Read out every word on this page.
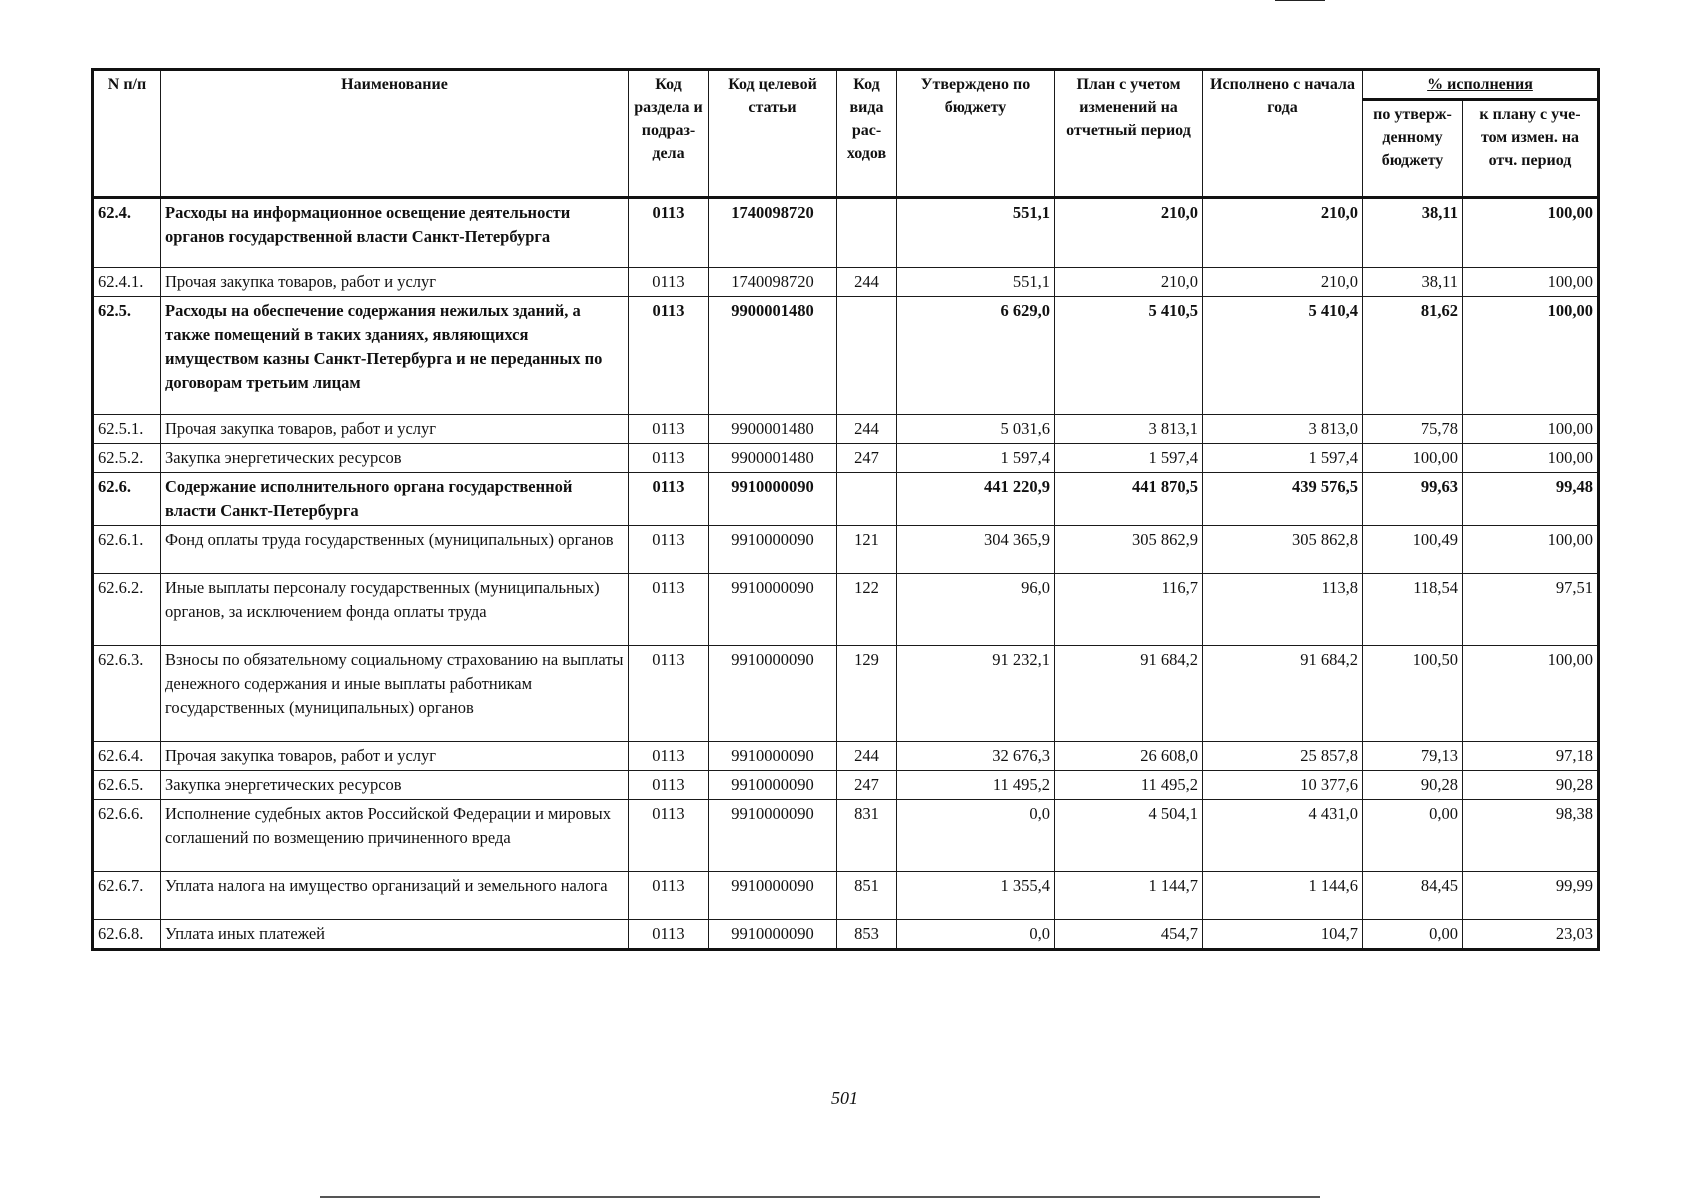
N п/п	Наименование	Код раздела и подраз-дела	Код целевой статьи	Код вида рас-ходов	Утверждено по бюджету	План с учетом изменений на отчетный период	Исполнено с начала года	% исполнения	
								по утверж-денному бюджету	к плану с уче-том измен. на отч. период
62.4.	Расходы на информационное освещение деятельности органов государственной власти Санкт-Петербурга	0113	1740098720		551,1	210,0	210,0	38,11	100,00
62.4.1.	Прочая закупка товаров, работ и услуг	0113	1740098720	244	551,1	210,0	210,0	38,11	100,00
62.5.	Расходы на обеспечение содержания нежилых зданий, а также помещений в таких зданиях, являющихся имуществом казны Санкт-Петербурга и не переданных по договорам третьим лицам	0113	9900001480		6 629,0	5 410,5	5 410,4	81,62	100,00
62.5.1.	Прочая закупка товаров, работ и услуг	0113	9900001480	244	5 031,6	3 813,1	3 813,0	75,78	100,00
62.5.2.	Закупка энергетических ресурсов	0113	9900001480	247	1 597,4	1 597,4	1 597,4	100,00	100,00
62.6.	Содержание исполнительного органа государственной власти Санкт-Петербурга	0113	9910000090		441 220,9	441 870,5	439 576,5	99,63	99,48
62.6.1.	Фонд оплаты труда государственных (муниципальных) органов	0113	9910000090	121	304 365,9	305 862,9	305 862,8	100,49	100,00
62.6.2.	Иные выплаты персоналу государственных (муниципальных) органов, за исключением фонда оплаты труда	0113	9910000090	122	96,0	116,7	113,8	118,54	97,51
62.6.3.	Взносы по обязательному социальному страхованию на выплаты денежного содержания и иные выплаты работникам государственных (муниципальных) органов	0113	9910000090	129	91 232,1	91 684,2	91 684,2	100,50	100,00
62.6.4.	Прочая закупка товаров, работ и услуг	0113	9910000090	244	32 676,3	26 608,0	25 857,8	79,13	97,18
62.6.5.	Закупка энергетических ресурсов	0113	9910000090	247	11 495,2	11 495,2	10 377,6	90,28	90,28
62.6.6.	Исполнение судебных актов Российской Федерации и мировых соглашений по возмещению причиненного вреда	0113	9910000090	831	0,0	4 504,1	4 431,0	0,00	98,38
62.6.7.	Уплата налога на имущество организаций и земельного налога	0113	9910000090	851	1 355,4	1 144,7	1 144,6	84,45	99,99
62.6.8.	Уплата иных платежей	0113	9910000090	853	0,0	454,7	104,7	0,00	23,03
501
